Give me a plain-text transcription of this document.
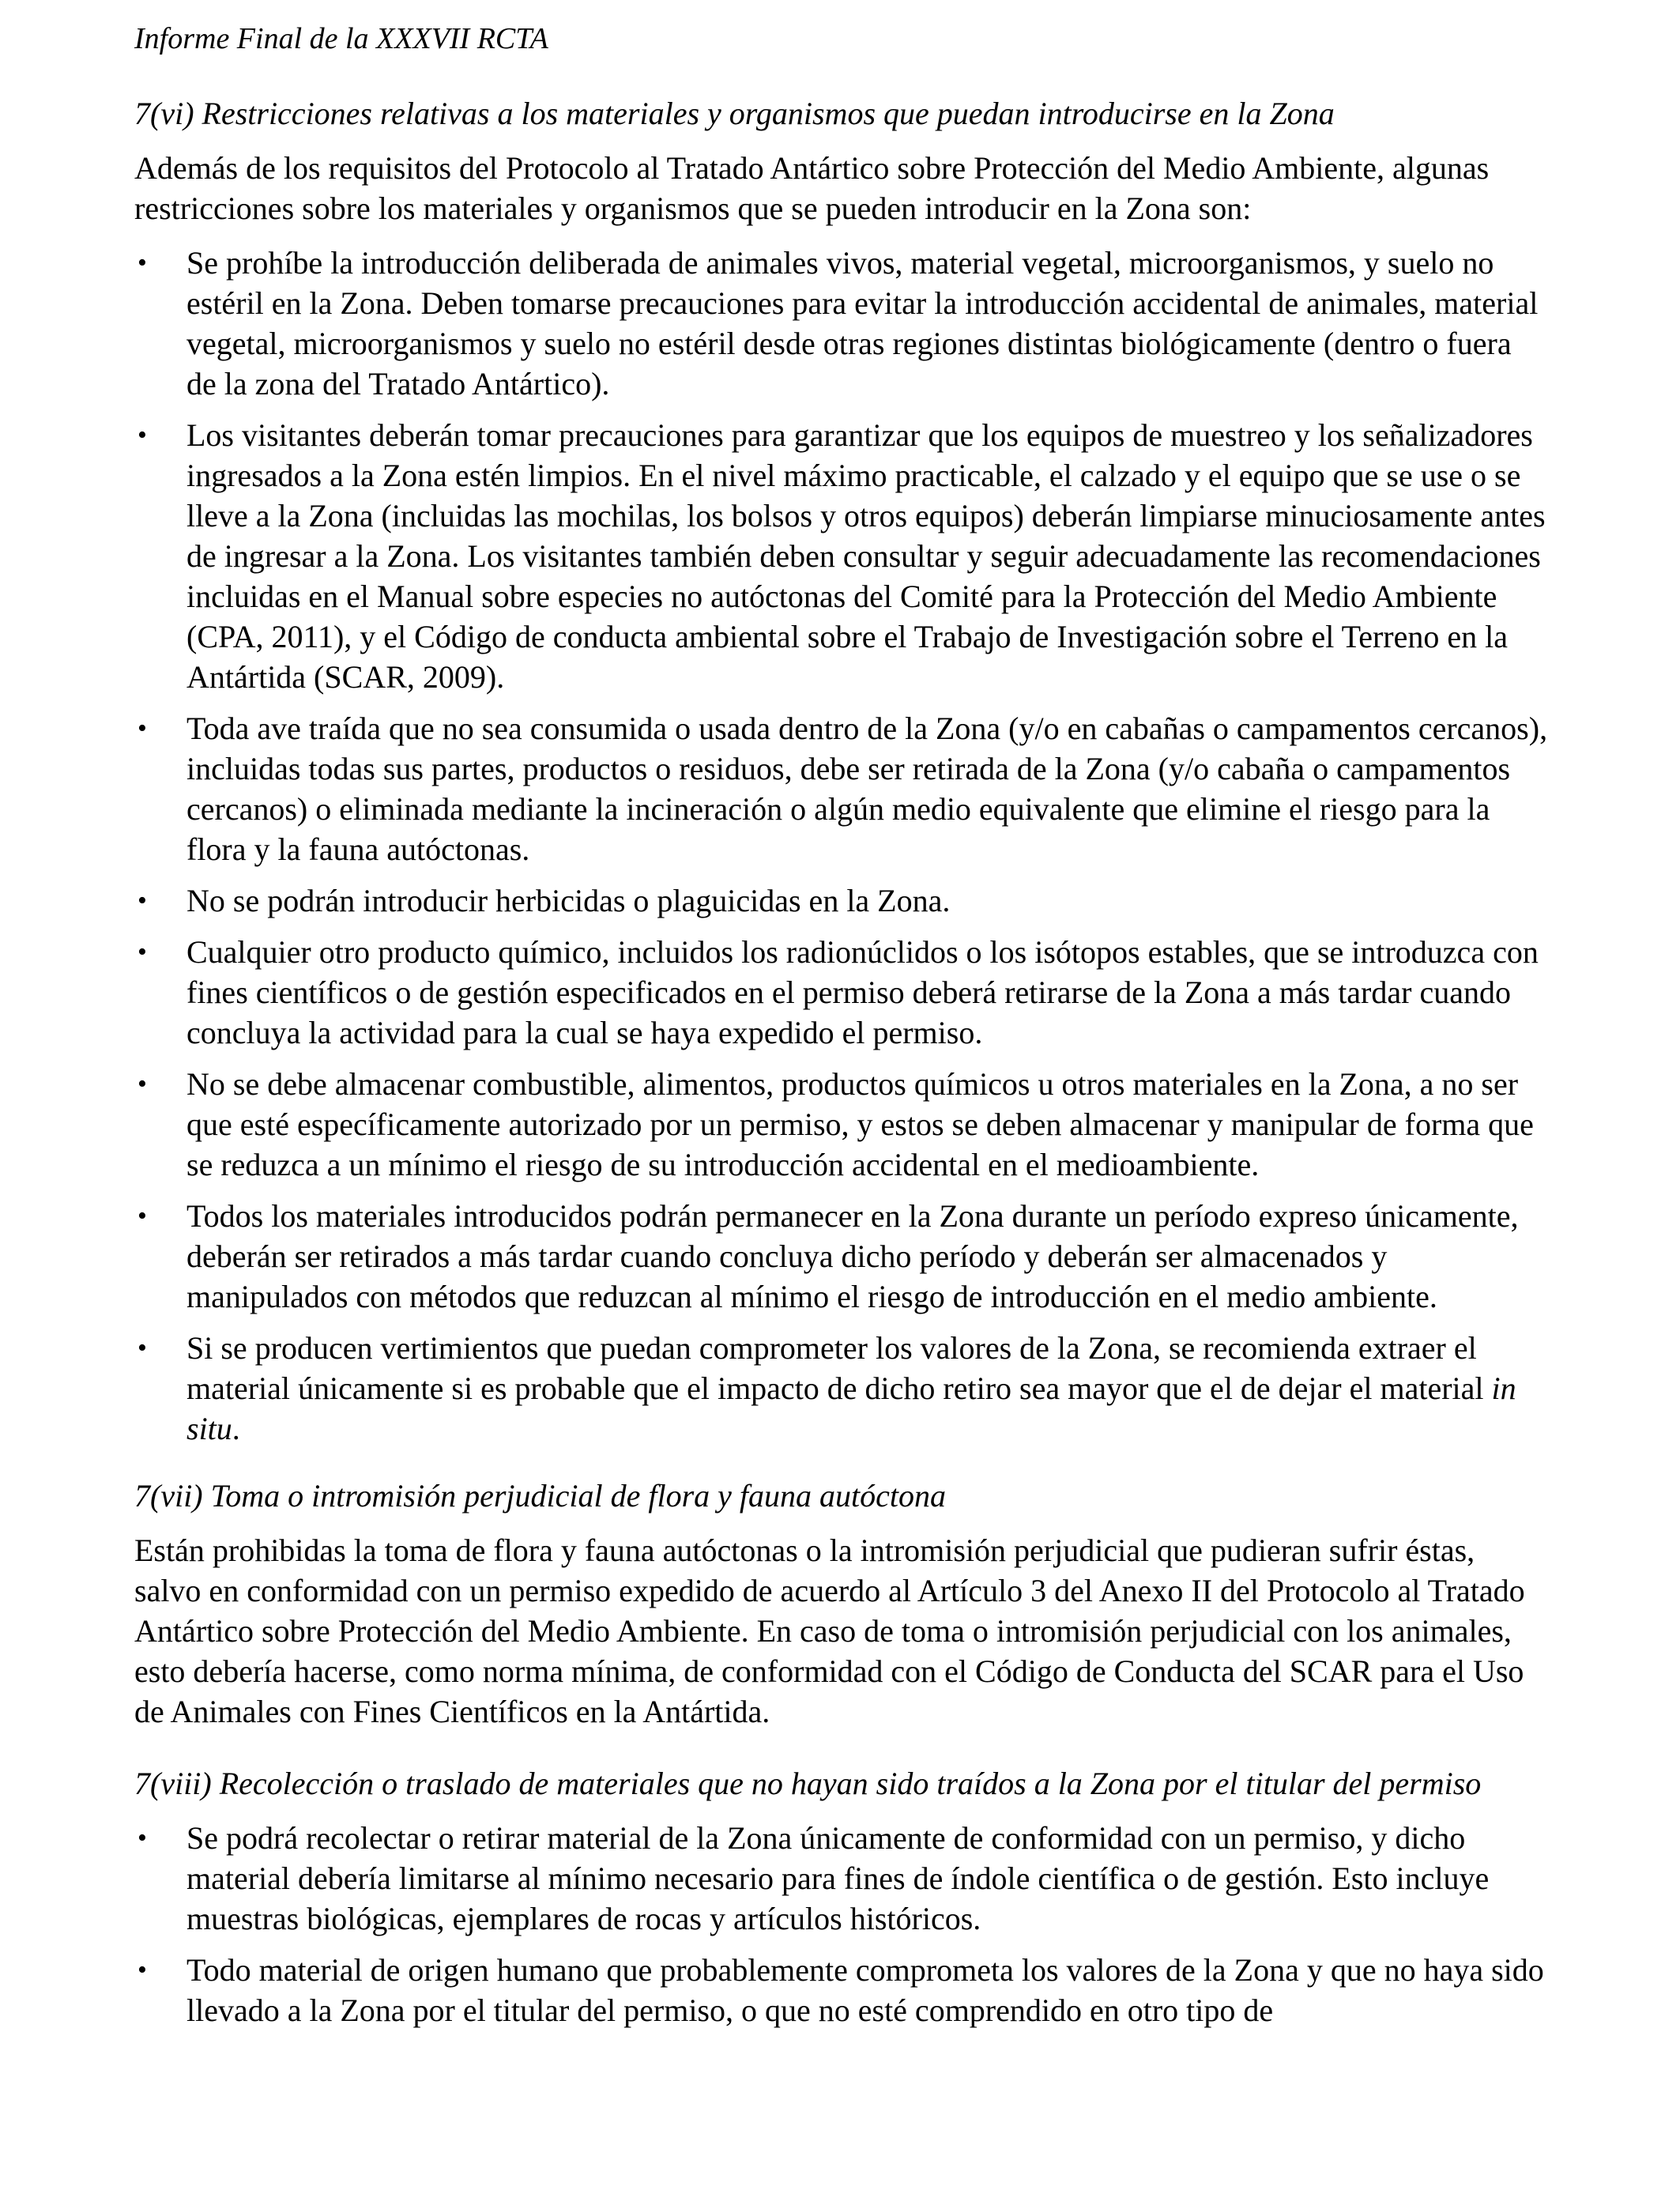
Informe Final de la XXXVII RCTA
7(vi) Restricciones relativas a los materiales y organismos que puedan introducirse en la Zona

Además de los requisitos del Protocolo al Tratado Antártico sobre Protección del Medio Ambiente, algunas restricciones sobre los materiales y organismos que se pueden introducir en la Zona son:

•	Se prohíbe la introducción deliberada de animales vivos, material vegetal, microorganismos, y suelo no estéril en la Zona. Deben tomarse precauciones para evitar la introducción accidental de animales, material vegetal, microorganismos y suelo no estéril desde otras regiones distintas biológicamente (dentro o fuera de la zona del Tratado Antártico).
•	Los visitantes deberán tomar precauciones para garantizar que los equipos de muestreo y los señalizadores ingresados a la Zona estén limpios. En el nivel máximo practicable, el calzado y el equipo que se use o se lleve a la Zona (incluidas las mochilas, los bolsos y otros equipos) deberán limpiarse minuciosamente antes de ingresar a la Zona. Los visitantes también deben consultar y seguir adecuadamente las recomendaciones incluidas en el Manual sobre especies no autóctonas del Comité para la Protección del Medio Ambiente (CPA, 2011), y el Código de conducta ambiental sobre el Trabajo de Investigación sobre el Terreno en la Antártida (SCAR, 2009).
•	Toda ave traída que no sea consumida o usada dentro de la Zona (y/o en cabañas o campamentos cercanos), incluidas todas sus partes, productos o residuos, debe ser retirada de la Zona (y/o cabaña o campamentos cercanos) o eliminada mediante la incineración o algún medio equivalente que elimine el riesgo para la flora y la fauna autóctonas.
•	No se podrán introducir herbicidas o plaguicidas en la Zona.
•	Cualquier otro producto químico, incluidos los radionúclidos o los isótopos estables, que se introduzca con fines científicos o de gestión especificados en el permiso deberá retirarse de la Zona a más tardar cuando concluya la actividad para la cual se haya expedido el permiso.
•	No se debe almacenar combustible, alimentos, productos químicos u otros materiales en la Zona, a no ser que esté específicamente autorizado por un permiso, y estos se deben almacenar y manipular de forma que se reduzca a un mínimo el riesgo de su introducción accidental en el medioambiente.
•	Todos los materiales introducidos podrán permanecer en la Zona durante un período expreso únicamente, deberán ser retirados a más tardar cuando concluya dicho período y deberán ser almacenados y manipulados con métodos que reduzcan al mínimo el riesgo de introducción en el medio ambiente.
•	Si se producen vertimientos que puedan comprometer los valores de la Zona, se recomienda extraer el material únicamente si es probable que el impacto de dicho retiro sea mayor que el de dejar el material in situ.
7(vii) Toma o intromisión perjudicial de flora y fauna autóctona

Están prohibidas la toma de flora y fauna autóctonas o la intromisión perjudicial que pudieran sufrir éstas, salvo en conformidad con un permiso expedido de acuerdo al Artículo 3 del Anexo II del Protocolo al Tratado Antártico sobre Protección del Medio Ambiente. En caso de toma o intromisión perjudicial con los animales, esto debería hacerse, como norma mínima, de conformidad con el Código de Conducta del SCAR para el Uso de Animales con Fines Científicos en la Antártida.

7(viii) Recolección o traslado de materiales que no hayan sido traídos a la Zona por el titular del permiso
•	Se podrá recolectar o retirar material de la Zona únicamente de conformidad con un permiso, y dicho material debería limitarse al mínimo necesario para fines de índole científica o de gestión. Esto incluye muestras biológicas, ejemplares de rocas y artículos históricos.
•	Todo material de origen humano que probablemente comprometa los valores de la Zona y que no haya sido llevado a la Zona por el titular del permiso, o que no esté comprendido en otro tipo de
